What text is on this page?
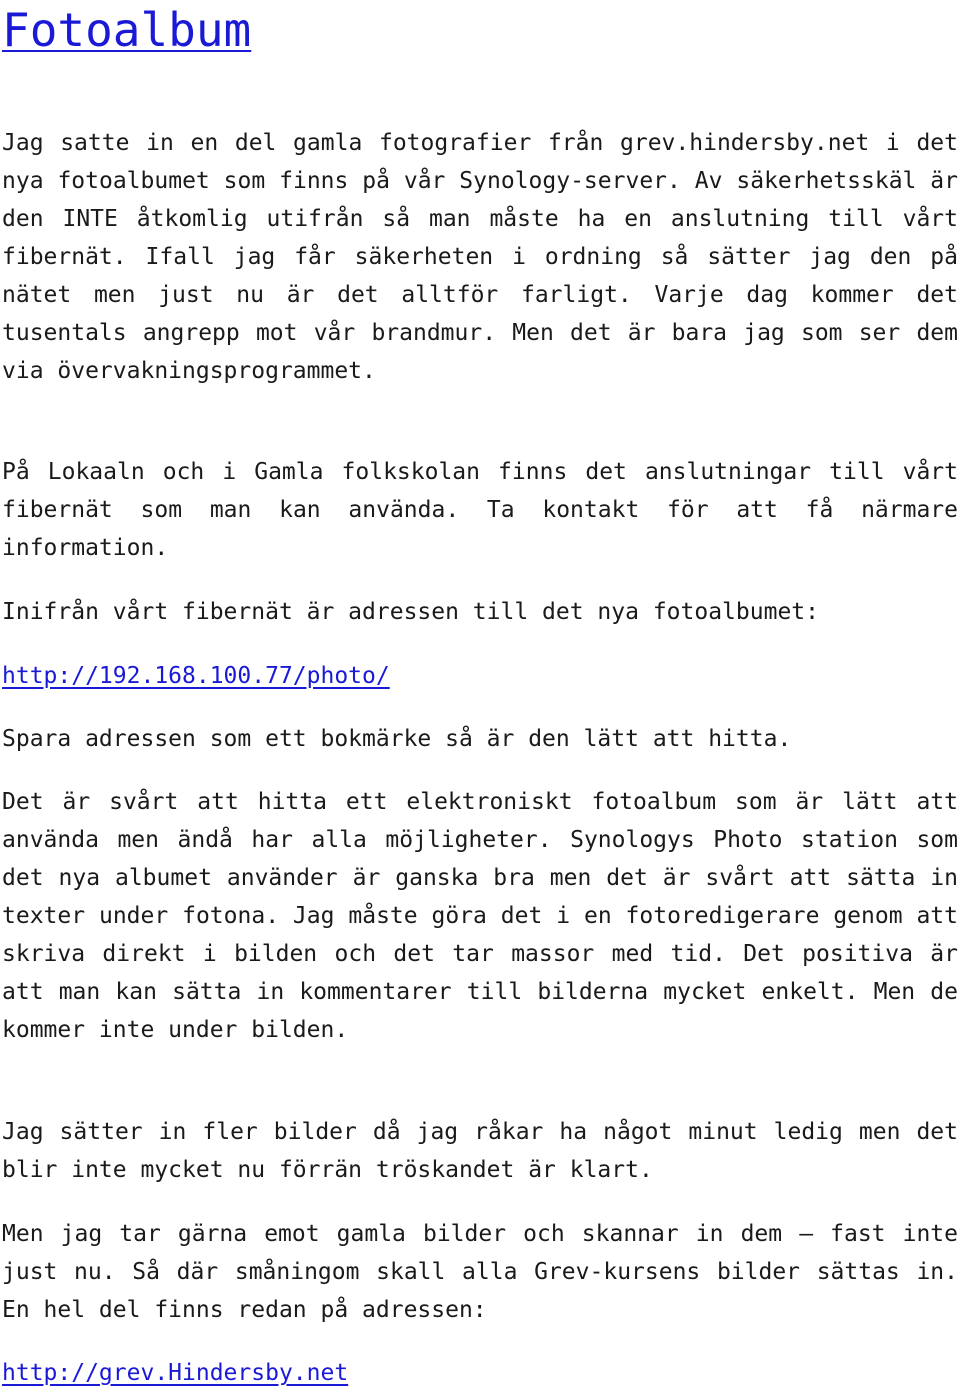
Fotoalbum

Jag satte in en del gamla fotografier från grev.hindersby.net i det nya fotoalbumet som finns på vår Synology-server. Av säkerhetsskäl är den INTE åtkomlig utifrån så man måste ha en anslutning till vårt fibernät. Ifall jag får säkerheten i ordning så sätter jag den på nätet men just nu är det alltför farligt. Varje dag kommer det tusentals angrepp mot vår brandmur. Men det är bara jag som ser dem via övervakningsprogrammet.

På Lokaaln och i Gamla folkskolan finns det anslutningar till vårt fibernät som man kan använda. Ta kontakt för att få närmare information.

Inifrån vårt fibernät är adressen till det nya fotoalbumet:

http://192.168.100.77/photo/

Spara adressen som ett bokmärke så är den lätt att hitta.

Det är svårt att hitta ett elektroniskt fotoalbum som är lätt att använda men ändå har alla möjligheter. Synologys Photo station som det nya albumet använder är ganska bra men det är svårt att sätta in texter under fotona. Jag måste göra det i en fotoredigerare genom att skriva direkt i bilden och det tar massor med tid. Det positiva är att man kan sätta in kommentarer till bilderna mycket enkelt. Men de kommer inte under bilden.

Jag sätter in fler bilder då jag råkar ha något minut ledig men det blir inte mycket nu förrän tröskandet är klart.

Men jag tar gärna emot gamla bilder och skannar in dem – fast inte just nu. Så där småningom skall alla Grev-kursens bilder sättas in. En hel del finns redan på adressen:

http://grev.Hindersby.net
